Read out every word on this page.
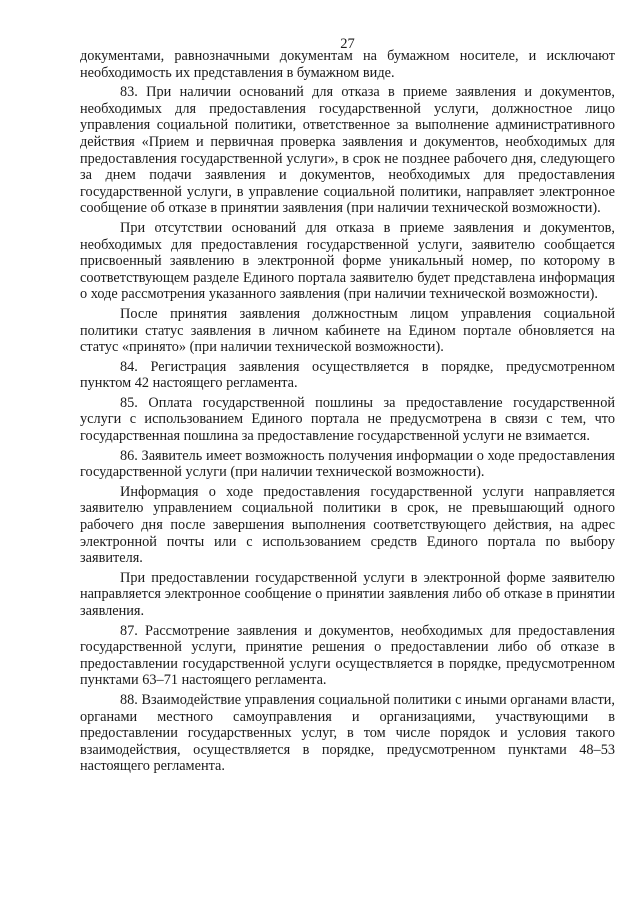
27

документами, равнозначными документам на бумажном носителе, и исключают необходимость их представления в бумажном виде.

83. При наличии оснований для отказа в приеме заявления и документов, необходимых для предоставления государственной услуги, должностное лицо управления социальной политики, ответственное за выполнение административного действия «Прием и первичная проверка заявления и документов, необходимых для предоставления государственной услуги», в срок не позднее рабочего дня, следующего за днем подачи заявления и документов, необходимых для предоставления государственной услуги, в управление социальной политики, направляет электронное сообщение об отказе в принятии заявления (при наличии технической возможности).

При отсутствии оснований для отказа в приеме заявления и документов, необходимых для предоставления государственной услуги, заявителю сообщается присвоенный заявлению в электронной форме уникальный номер, по которому в соответствующем разделе Единого портала заявителю будет представлена информация о ходе рассмотрения указанного заявления (при наличии технической возможности).

После принятия заявления должностным лицом управления социальной политики статус заявления в личном кабинете на Едином портале обновляется на статус «принято» (при наличии технической возможности).

84. Регистрация заявления осуществляется в порядке, предусмотренном пунктом 42 настоящего регламента.

85. Оплата государственной пошлины за предоставление государственной услуги с использованием Единого портала не предусмотрена в связи с тем, что государственная пошлина за предоставление государственной услуги не взимается.

86. Заявитель имеет возможность получения информации о ходе предоставления государственной услуги (при наличии технической возможности).

Информация о ходе предоставления государственной услуги направляется заявителю управлением социальной политики в срок, не превышающий одного рабочего дня после завершения выполнения соответствующего действия, на адрес электронной почты или с использованием средств Единого портала по выбору заявителя.

При предоставлении государственной услуги в электронной форме заявителю направляется электронное сообщение о принятии заявления либо об отказе в принятии заявления.

87. Рассмотрение заявления и документов, необходимых для предоставления государственной услуги, принятие решения о предоставлении либо об отказе в предоставлении государственной услуги осуществляется в порядке, предусмотренном пунктами 63–71 настоящего регламента.

88. Взаимодействие управления социальной политики с иными органами власти, органами местного самоуправления и организациями, участвующими в предоставлении государственных услуг, в том числе порядок и условия такого взаимодействия, осуществляется в порядке, предусмотренном пунктами 48–53 настоящего регламента.
